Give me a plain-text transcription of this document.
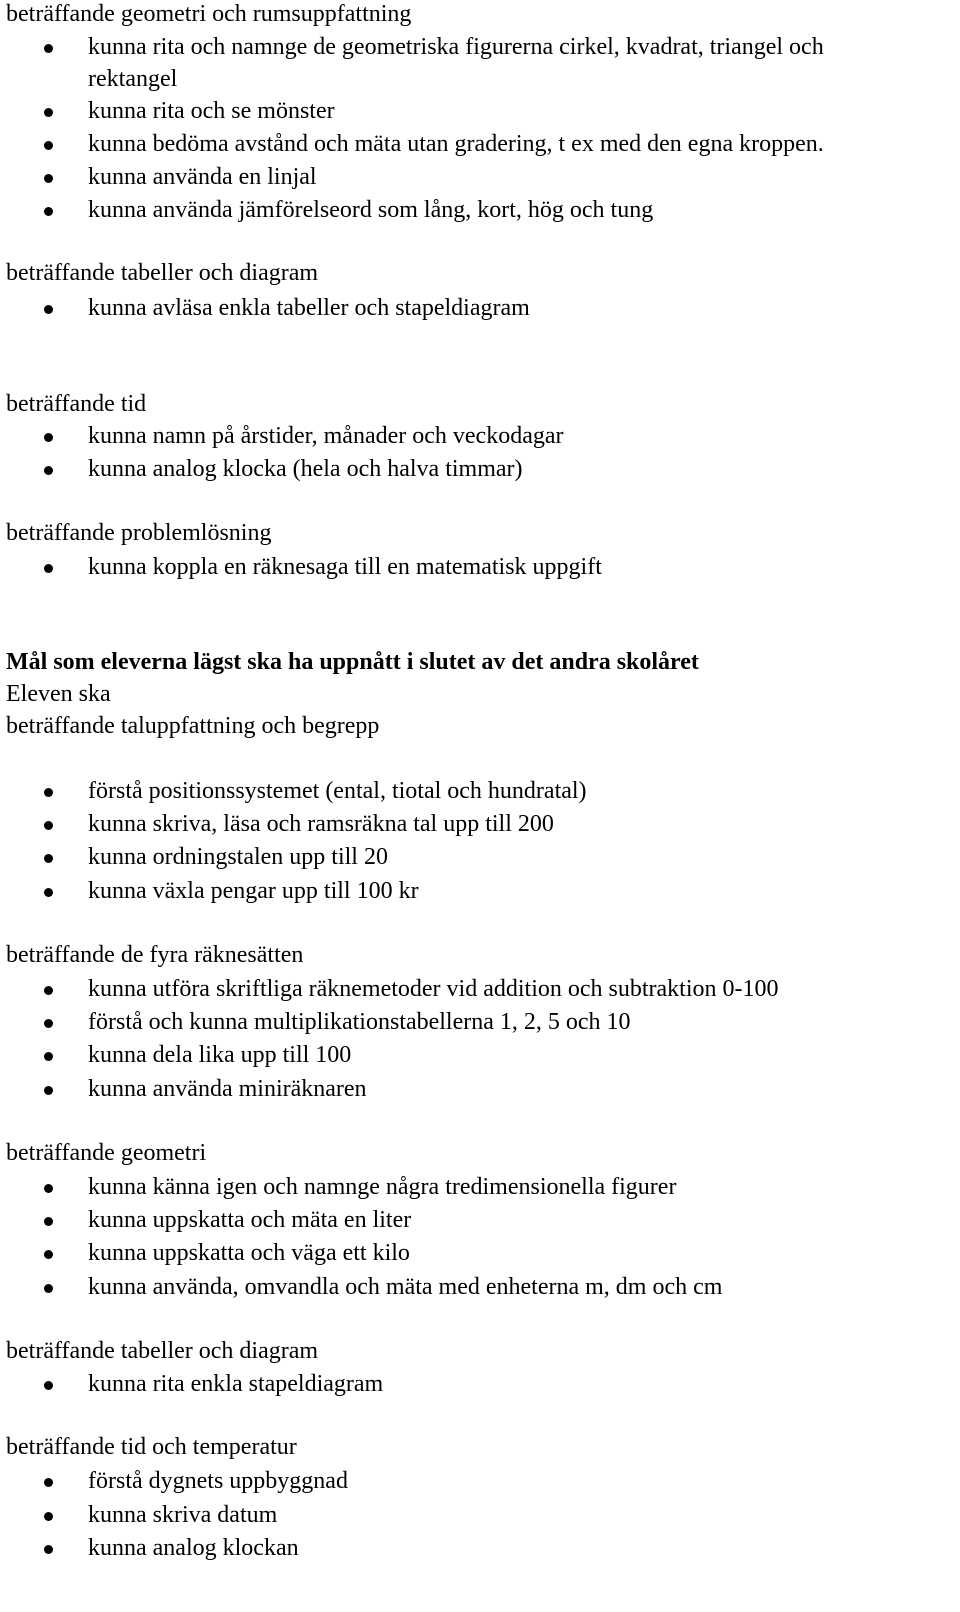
beträffande geometri och rumsuppfattning
kunna rita och namnge de geometriska figurerna cirkel, kvadrat, triangel och
rektangel
kunna rita och se mönster
kunna bedöma avstånd och mäta utan gradering, t ex med den egna kroppen.
kunna använda en linjal
kunna använda jämförelseord som lång, kort, hög och tung
beträffande tabeller och diagram
kunna avläsa enkla tabeller och stapeldiagram
beträffande tid
kunna namn på årstider, månader och veckodagar
kunna analog klocka (hela och halva timmar)
beträffande problemlösning
kunna koppla en räknesaga till en matematisk uppgift
Mål som eleverna lägst ska ha uppnått i slutet av det andra skolåret
Eleven ska
beträffande taluppfattning och begrepp
förstå positionssystemet (ental, tiotal och hundratal)
kunna skriva, läsa och ramsräkna tal upp till 200
kunna ordningstalen upp till 20
kunna växla pengar upp till 100 kr
beträffande de fyra räknesätten
kunna utföra skriftliga räknemetoder vid addition och subtraktion 0-100
förstå och kunna multiplikationstabellerna 1, 2, 5 och 10
kunna dela lika upp till 100
kunna använda miniräknaren
beträffande geometri
kunna känna igen och namnge några tredimensionella figurer
kunna uppskatta och mäta en liter
kunna uppskatta och väga ett kilo
kunna använda, omvandla och mäta med enheterna m, dm och cm
beträffande tabeller och diagram
kunna rita enkla stapeldiagram
beträffande tid och temperatur
förstå dygnets uppbyggnad
kunna skriva datum
kunna analog klockan
